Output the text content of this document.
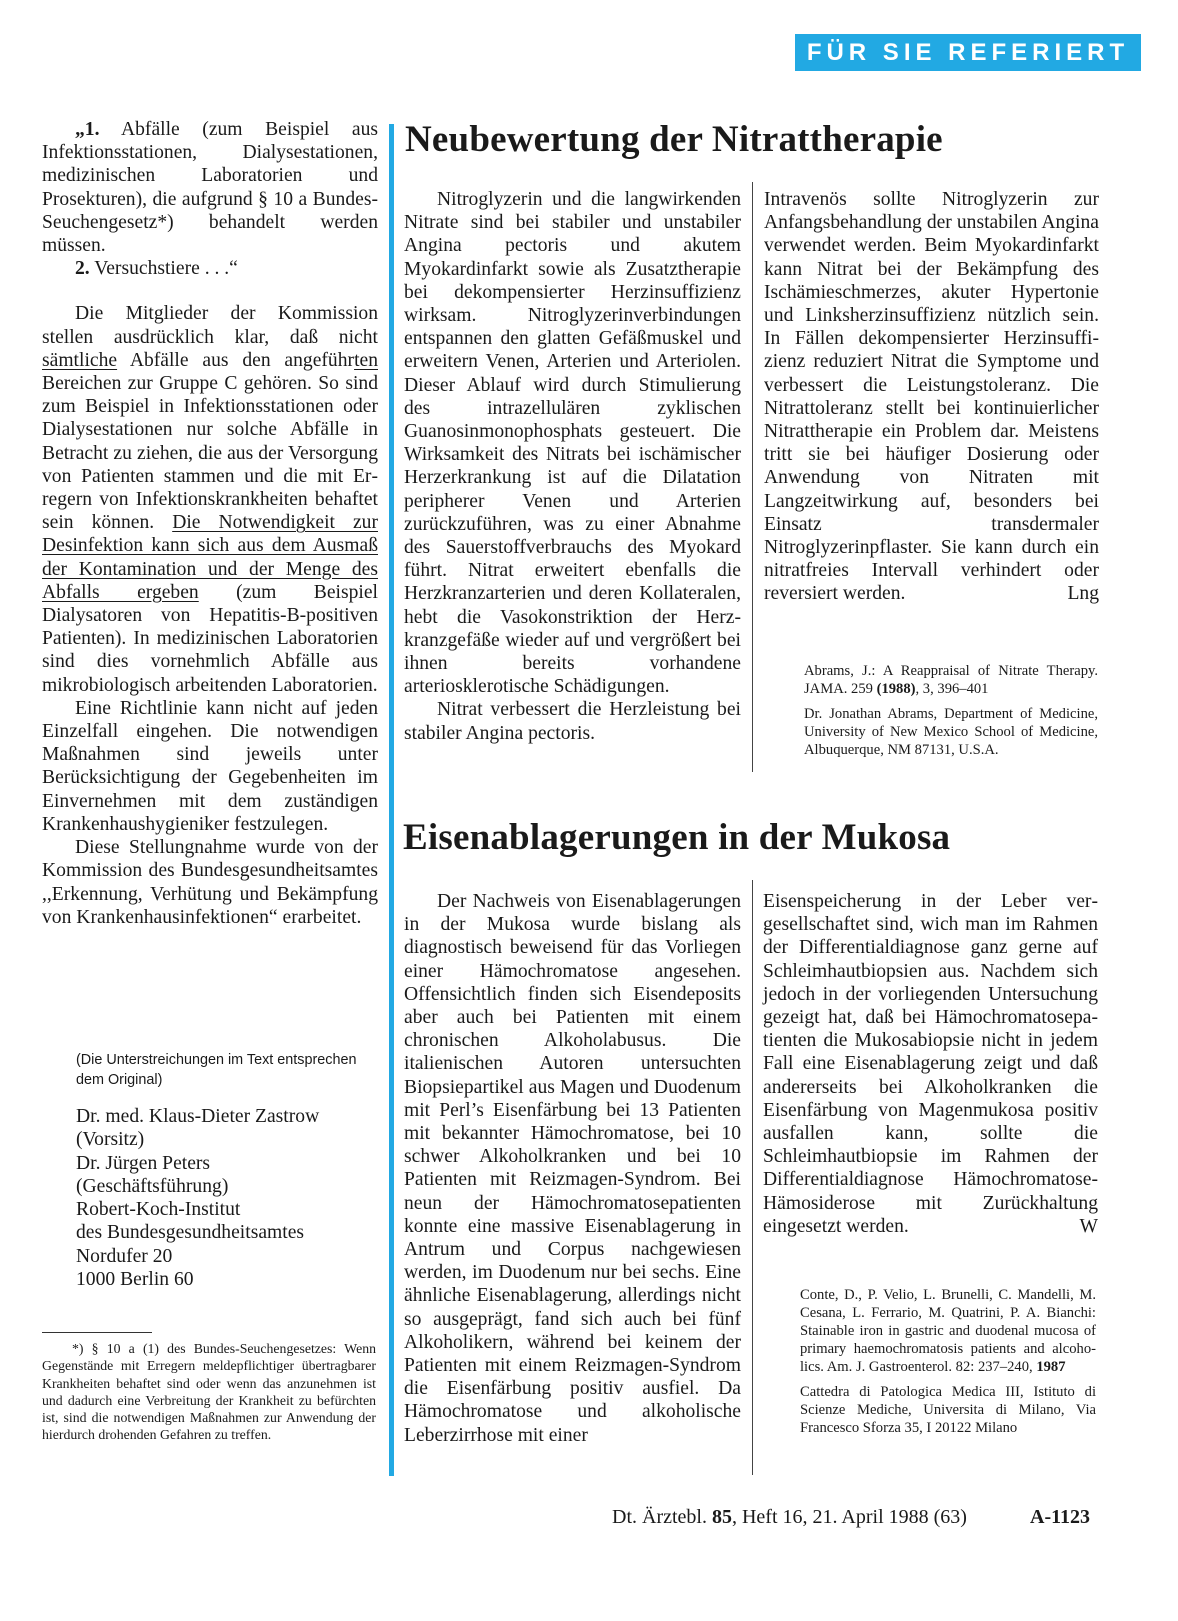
FÜR SIE REFERIERT

„1. Abfälle (zum Beispiel aus Infektionsstationen, Dialysestationen, medizinischen Laboratorien und Prosekturen), die aufgrund § 10 a Bundes-Seuchengesetz*) behandelt werden müssen.

2. Versuchstiere . . .“

Die Mitglieder der Kommission stellen ausdrücklich klar, daß nicht sämtliche Abfälle aus den angeführten Bereichen zur Gruppe C gehören. So sind zum Beispiel in Infektionsstationen oder Dialysestationen nur solche Abfälle in Betracht zu ziehen, die aus der Versorgung von Patienten stammen und die mit Erregern von Infektionskrankheiten behaftet sein können. Die Notwendigkeit zur Desinfektion kann sich aus dem Ausmaß der Kontamination und der Menge des Abfalls ergeben (zum Beispiel Dialysatoren von Hepatitis-B-positiven Patienten). In medizinischen Laboratorien sind dies vornehmlich Abfälle aus mikrobiologisch arbeitenden Laboratorien.

Eine Richtlinie kann nicht auf jeden Einzelfall eingehen. Die notwendigen Maßnahmen sind jeweils unter Berücksichtigung der Gegebenheiten im Einvernehmen mit dem zuständigen Krankenhaushygieniker festzulegen.

Diese Stellungnahme wurde von der Kommission des Bundesgesundheitsamtes ,,Erkennung, Verhütung und Bekämpfung von Krankenhausinfektionen“ erarbeitet.

(Die Unterstreichungen im Text entsprechen dem Original)
Dr. med. Klaus-Dieter Zastrow
(Vorsitz)
Dr. Jürgen Peters
(Geschäftsführung)
Robert-Koch-Institut
des Bundesgesundheitsamtes
Nordufer 20
1000 Berlin 60

*) § 10 a (1) des Bundes-Seuchengesetzes: Wenn Gegenstände mit Erregern meldepflichtiger übertragbarer Krankheiten behaftet sind oder wenn das anzunehmen ist und dadurch eine Verbreitung der Krankheit zu befürchten ist, sind die notwendigen Maßnahmen zur Anwendung der hierdurch drohenden Gefahren zu treffen.

Neubewertung der Nitrattherapie

Nitroglyzerin und die langwirkenden Nitrate sind bei stabiler und unstabiler Angina pectoris und akutem Myokardinfarkt sowie als Zusatztherapie bei dekompensierter Herzinsuffizienz wirksam. Nitroglyzerinverbindungen entspannen den glatten Gefäßmuskel und erweitern Venen, Arterien und Arteriolen. Dieser Ablauf wird durch Stimulierung des intrazellulären zyklischen Guanosinmonophosphats gesteuert. Die Wirksamkeit des Nitrats bei ischämischer Herzerkrankung ist auf die Dilatation peripherer Venen und Arterien zurückzuführen, was zu einer Abnahme des Sauerstoffverbrauchs des Myokard führt. Nitrat erweitert ebenfalls die Herzkranzarterien und deren Kollateralen, hebt die Vasokonstriktion der Herzkranzgefäße wieder auf und vergrößert bei ihnen bereits vorhandene arteriosklerotische Schädigungen.

Nitrat verbessert die Herzleistung bei stabiler Angina pectoris.

Intravenös sollte Nitroglyzerin zur Anfangsbehandlung der unstabilen Angina verwendet werden. Beim Myokardinfarkt kann Nitrat bei der Bekämpfung des Ischämieschmerzes, akuter Hypertonie und Linksherzinsuffizienz nützlich sein. In Fällen dekompensierter Herzinsuffizienz reduziert Nitrat die Symptome und verbessert die Leistungstoleranz. Die Nitrattoleranz stellt bei kontinuierlicher Nitrattherapie ein Problem dar. Meistens tritt sie bei häufiger Dosierung oder Anwendung von Nitraten mit Langzeitwirkung auf, besonders bei Einsatz transdermaler Nitroglyzerinpflaster. Sie kann durch ein nitratfreies Intervall verhindert oder reversiert werden.	Lng

Abrams, J.: A Reappraisal of Nitrate Therapy. JAMA. 259 (1988), 3, 396–401

Dr. Jonathan Abrams, Department of Medicine, University of New Mexico School of Medicine, Albuquerque, NM 87131, U.S.A.

Eisenablagerungen in der Mukosa

Der Nachweis von Eisenablagerungen in der Mukosa wurde bislang als diagnostisch beweisend für das Vorliegen einer Hämochromatose angesehen. Offensichtlich finden sich Eisendeposits aber auch bei Patienten mit einem chronischen Alkoholabusus. Die italienischen Autoren untersuchten Biopsiepartikel aus Magen und Duodenum mit Perl’s Eisenfärbung bei 13 Patienten mit bekannter Hämochromatose, bei 10 schwer Alkoholkranken und bei 10 Patienten mit Reizmagen-Syndrom. Bei neun der Hämochromatosepatienten konnte eine massive Eisenablagerung in Antrum und Corpus nachgewiesen werden, im Duodenum nur bei sechs. Eine ähnliche Eisenablagerung, allerdings nicht so ausgeprägt, fand sich auch bei fünf Alkoholikern, während bei keinem der Patienten mit einem Reizmagen-Syndrom die Eisenfärbung positiv ausfiel. Da Hämochromatose und alkoholische Leberzirrhose mit einer

Eisenspeicherung in der Leber vergesellschaftet sind, wich man im Rahmen der Differentialdiagnose ganz gerne auf Schleimhautbiopsien aus. Nachdem sich jedoch in der vorliegenden Untersuchung gezeigt hat, daß bei Hämochromatosepatienten die Mukosabiopsie nicht in jedem Fall eine Eisenablagerung zeigt und daß andererseits bei Alkoholkranken die Eisenfärbung von Magenmukosa positiv ausfallen kann, sollte die Schleimhautbiopsie im Rahmen der Differentialdiagnose Hämochromatose-Hämosiderose mit Zurückhaltung eingesetzt werden.	W

Conte, D., P. Velio, L. Brunelli, C. Mandelli, M. Cesana, L. Ferrario, M. Quatrini, P. A. Bianchi: Stainable iron in gastric and duodenal mucosa of primary haemochromatosis patients and alcoholics. Am. J. Gastroenterol. 82: 237–240, 1987

Cattedra di Patologica Medica III, Istituto di Scienze Mediche, Universita di Milano, Via Francesco Sforza 35, I 20122 Milano

Dt. Ärztebl. 85, Heft 16, 21. April 1988 (63)	A-1123
